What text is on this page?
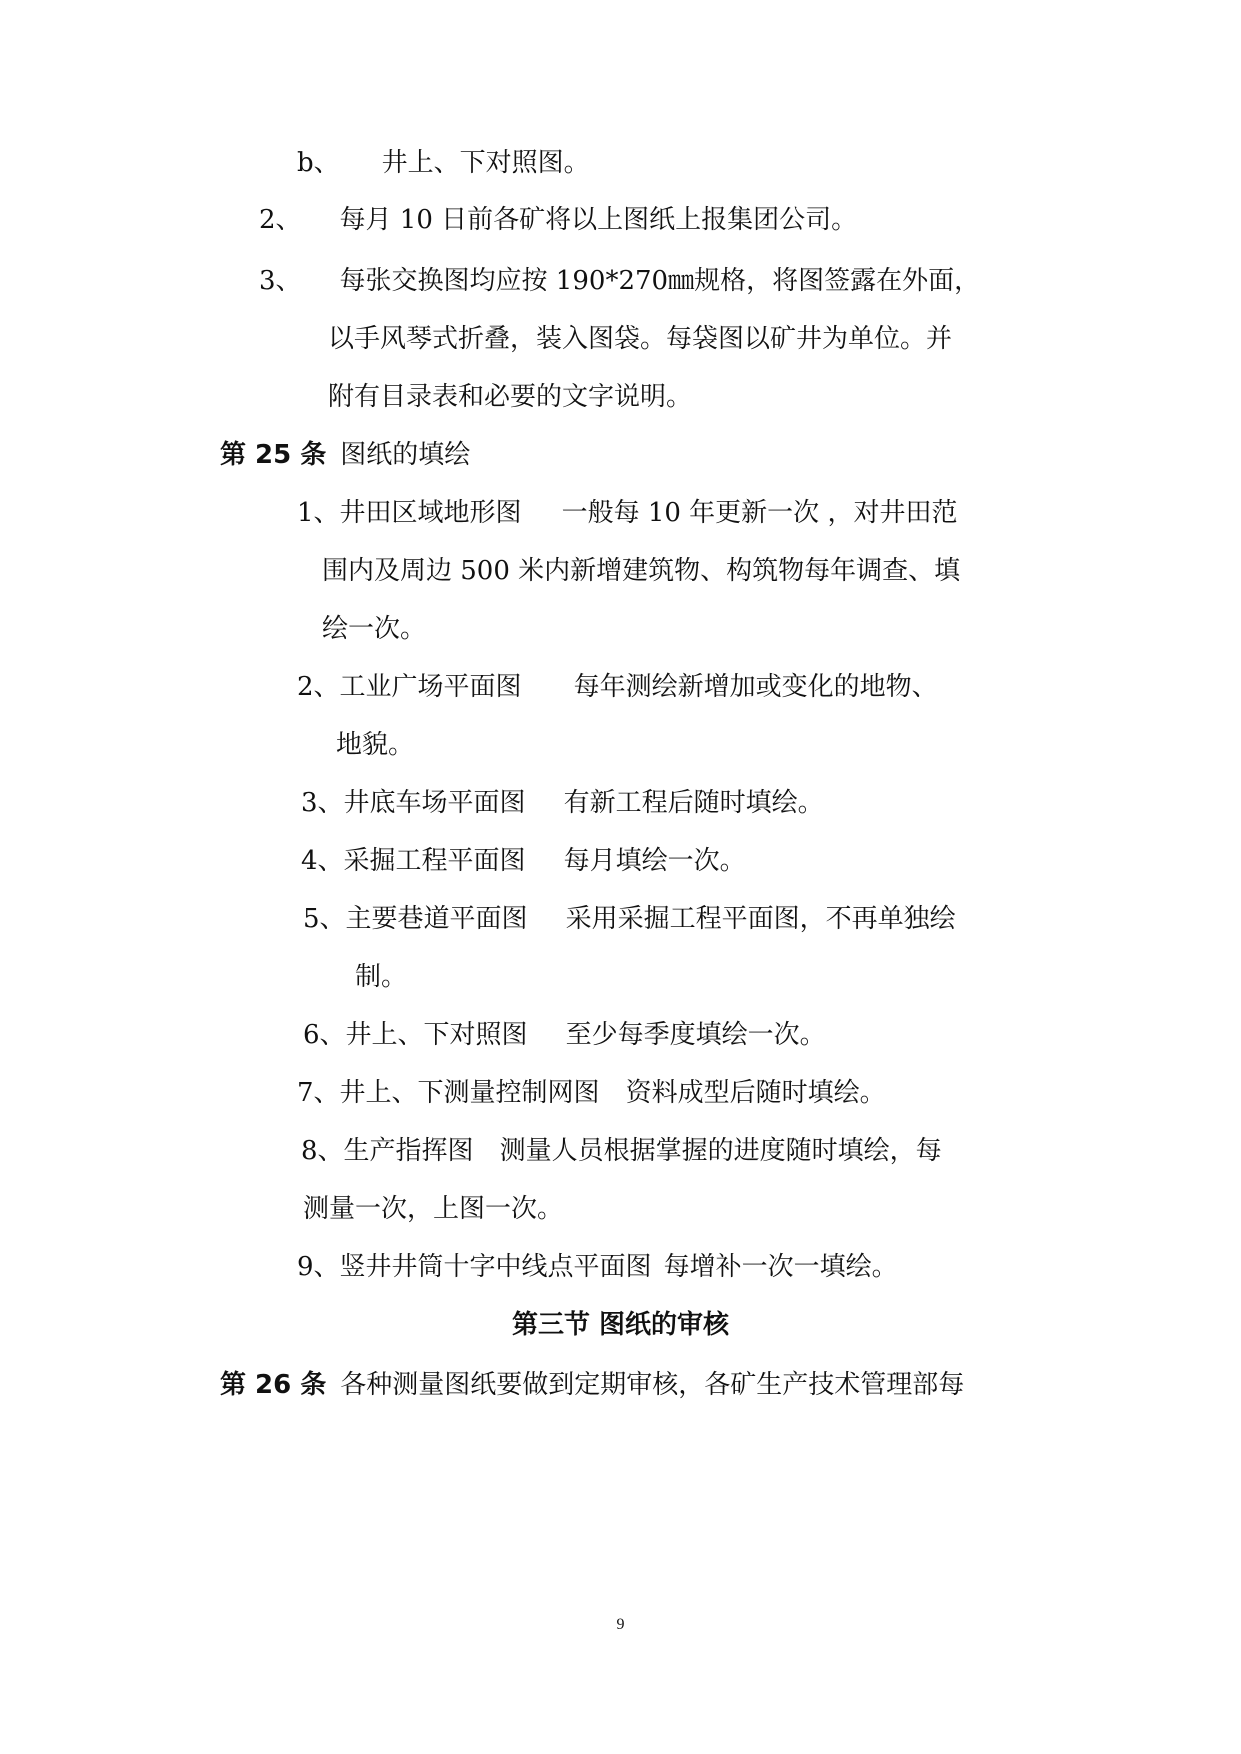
b、 井上、下对照图。
2、 每月 10 日前各矿将以上图纸上报集团公司。
3、 每张交换图均应按 190*270㎜规格，将图签露在外面，
以手风琴式折叠，装入图袋。每袋图以矿井为单位。并
附有目录表和必要的文字说明。
第 25 条 图纸的填绘
1、井田区域地形图 一般每 10 年更新一次 ，对井田范
围内及周边 500 米内新增建筑物、构筑物每年调查、填
绘一次。
2、工业广场平面图 每年测绘新增加或变化的地物、
地貌。
3、井底车场平面图 有新工程后随时填绘。
4、采掘工程平面图 每月填绘一次。
5、主要巷道平面图 采用采掘工程平面图，不再单独绘
制。
6、井上、下对照图 至少每季度填绘一次。
7、井上、下测量控制网图 资料成型后随时填绘。
8、生产指挥图 测量人员根据掌握的进度随时填绘，每
测量一次，上图一次。
9、竖井井筒十字中线点平面图 每增补一次一填绘。
第三节 图纸的审核
第 26 条 各种测量图纸要做到定期审核，各矿生产技术管理部每
9
